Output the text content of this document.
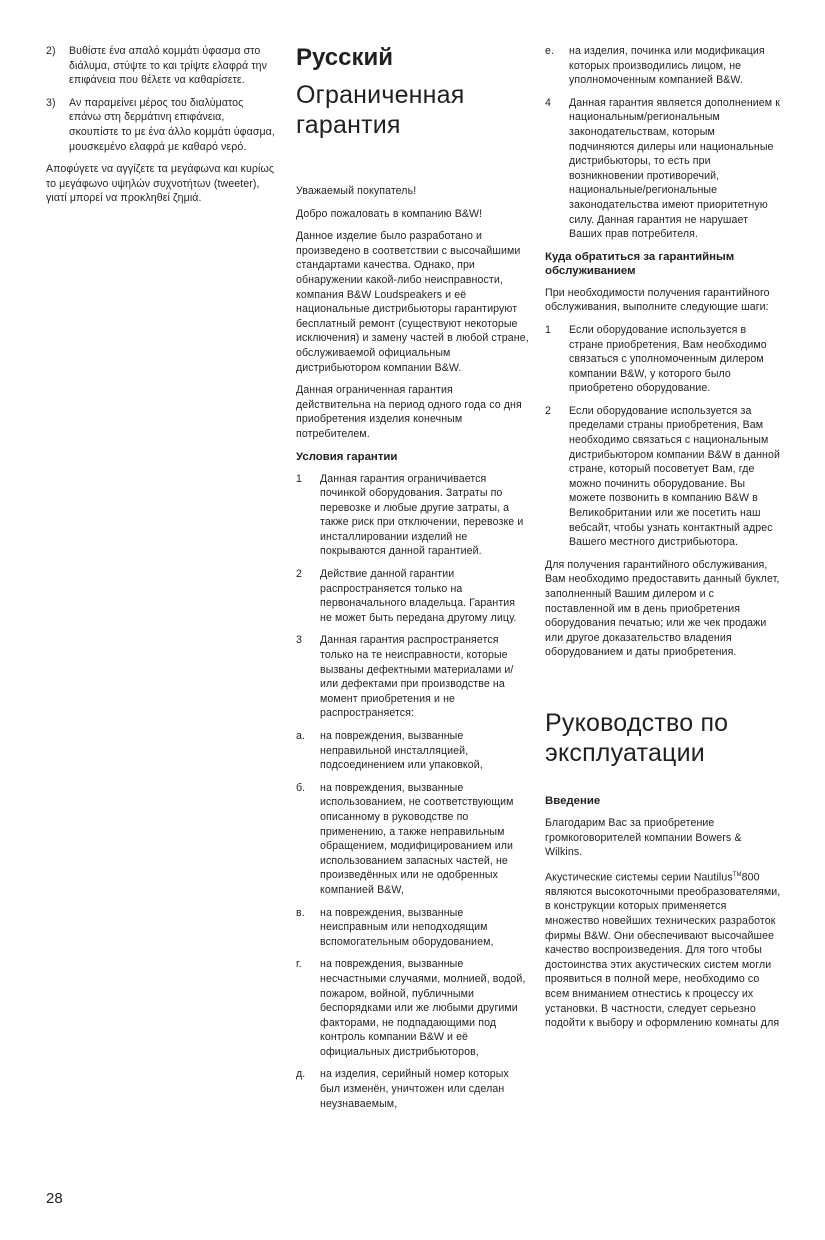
2) Βυθίστε ένα απαλό κομμάτι ύφασμα στο διάλυμα, στύψτε το και τρίψτε ελαφρά την επιφάνεια που θέλετε να καθαρίσετε.
3) Αν παραμείνει μέρος του διαλύματος επάνω στη δερμάτινη επιφάνεια, σκουπίστε το με ένα άλλο κομμάτι ύφασμα, μουσκεμένο ελαφρά με καθαρό νερό.

Αποφύγετε να αγγίζετε τα μεγάφωνα και κυρίως το μεγάφωνο υψηλών συχνοτήτων (tweeter), γιατί μπορεί να προκληθεί ζημιά.

Русский
Ограниченная гарантия

Уважаемый покупатель!

Добро пожаловать в компанию B&W!

Данное изделие было разработано и произведено в соответствии с высочайшими стандартами качества. Однако, при обнаружении какой-либо неисправности, компания B&W Loudspeakers и её национальные дистрибьюторы гарантируют бесплатный ремонт (существуют некоторые исключения) и замену частей в любой стране, обслуживаемой официальным дистрибьютором компании B&W.

Данная ограниченная гарантия действительна на период одного года со дня приобретения изделия конечным потребителем.

Условия гарантии
1 Данная гарантия ограничивается починкой оборудования. Затраты по перевозке и любые другие затраты, а также риск при отключении, перевозке и инсталлировании изделий не покрываются данной гарантией.
2 Действие данной гарантии распространяется только на первоначального владельца. Гарантия не может быть передана другому лицу.
3 Данная гарантия распространяется только на те неисправности, которые вызваны дефектными материалами и/или дефектами при производстве на момент приобретения и не распространяется:
а. на повреждения, вызванные неправильной инсталляцией, подсоединением или упаковкой,
б. на повреждения, вызванные использованием, не соответствующим описанному в руководстве по применению, а также неправильным обращением, модифицированием или использованием запасных частей, не произведённых или не одобренных компанией B&W,
в. на повреждения, вызванные неисправным или неподходящим вспомогательным оборудованием,
г. на повреждения, вызванные несчастными случаями, молнией, водой, пожаром, войной, публичными беспорядками или же любыми другими факторами, не подпадающими под контроль компании B&W и её официальных дистрибьюторов,
д. на изделия, серийный номер которых был изменён, уничтожен или сделан неузнаваемым,
е. на изделия, починка или модификация которых производились лицом, не уполномоченным компанией B&W.
4 Данная гарантия является дополнением к национальным/региональным законодательствам, которым подчиняются дилеры или национальные дистрибьюторы, то есть при возникновении противоречий, национальные/региональные законодательства имеют приоритетную силу. Данная гарантия не нарушает Ваших прав потребителя.
Куда обратиться за гарантийным обслуживанием

При необходимости получения гарантийного обслуживания, выполните следующие шаги:

1 Если оборудование используется в стране приобретения, Вам необходимо связаться с уполномоченным дилером компании B&W, у которого было приобретено оборудование.
2 Если оборудование используется за пределами страны приобретения, Вам необходимо связаться с национальным дистрибьютором компании B&W в данной стране, который посоветует Вам, где можно починить оборудование. Вы можете позвонить в компанию B&W в Великобритании или же посетить наш вебсайт, чтобы узнать контактный адрес Вашего местного дистрибьютора.

Для получения гарантийного обслуживания, Вам необходимо предоставить данный буклет, заполненный Вашим дилером и с поставленной им в день приобретения оборудования печатью; или же чек продажи или другое доказательство владения оборудованием и даты приобретения.

Руководство по эксплуатации
Введение

Благодарим Вас за приобретение громкоговорителей компании Bowers & Wilkins.

Акустические системы серии Nautilus™800 являются высокоточными преобразователями, в конструкции которых применяется множество новейших технических разработок фирмы B&W. Они обеспечивают высочайшее качество воспроизведения. Для того чтобы достоинства этих акустических систем могли проявиться в полной мере, необходимо со всем вниманием отнестись к процессу их установки. В частности, следует серьезно подойти к выбору и оформлению комнаты для

28
